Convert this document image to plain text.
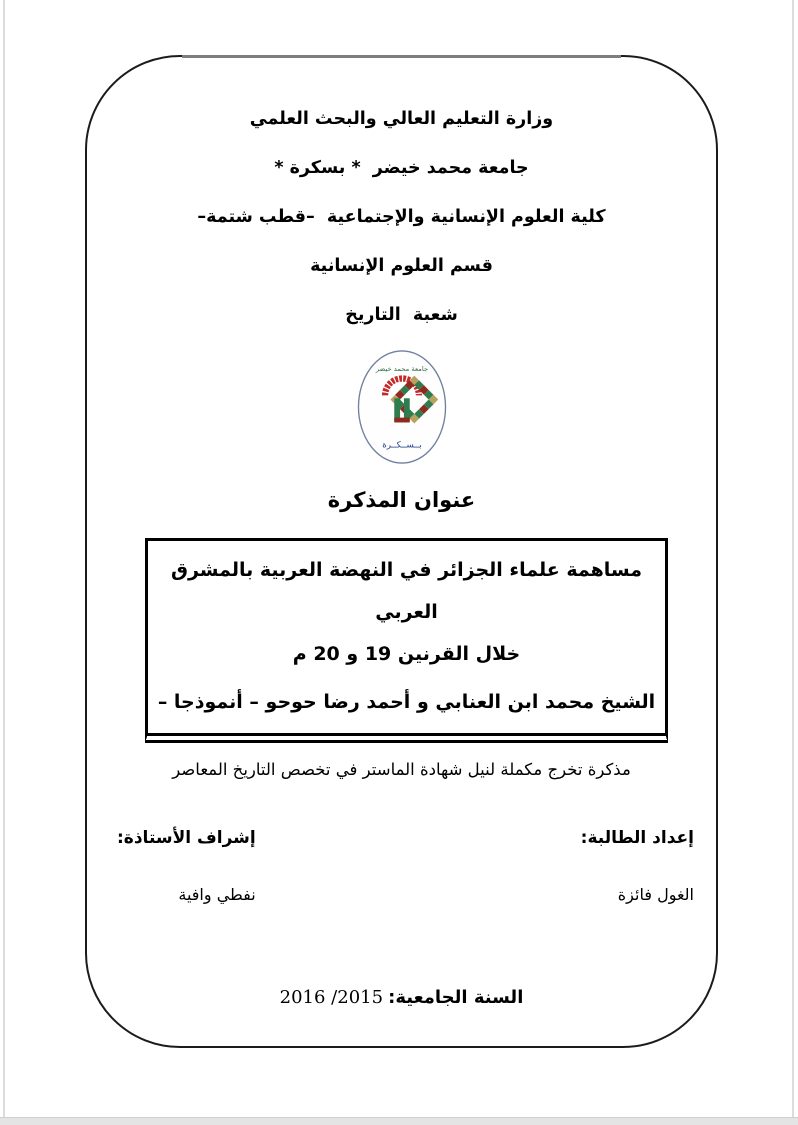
وزارة التعليم العالي والبحث العلمي
جامعة محمد خيضر  * بسكرة *
كلية العلوم الإنسانية والإجتماعية  –قطب شتمة–
قسم العلوم الإنسانية
شعبة  التاريخ
جامعة محمد خيضر
بــســكــرة
عنوان المذكرة
مساهمة علماء الجزائر في النهضة العربية بالمشرق العربي
خلال القرنين 19 و 20 م
الشيخ محمد ابن العنابي و أحمد رضا حوحو – أنموذجا –
مذكرة تخرج مكملة لنيل شهادة الماستر في تخصص التاريخ المعاصر
إعداد الطالبة:
الغول فائزة
إشراف الأستاذة:
نفطي وافية
السنة الجامعية: 2015/ 2016
